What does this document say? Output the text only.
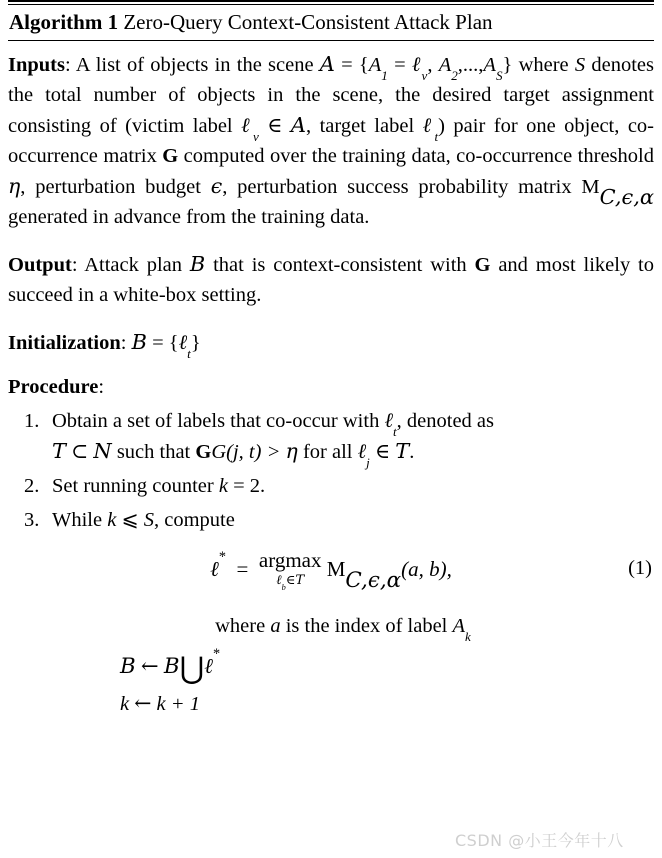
Algorithm 1 Zero-Query Context-Consistent Attack Plan

Inputs: A list of objects in the scene $A = \{A_1$ = ℓ$_v$, $A_2,...,A_S$} where S denotes the total number of objects in the scene, the desired target assignment consisting of (victim label ℓ$_v$ ∈ A, target label ℓ$_t$) pair for one object, co-occurrence matrix G computed over the training data, co-occurrence threshold η, perturbation budget ϵ, perturbation success probability matrix $M_{C,\epsilon,\alpha}$ generated in advance from the training data.

Output: Attack plan B that is context-consistent with G and most likely to succeed in a white-box setting.

Initialization: B = {ℓ$_t$}

Procedure:

1. Obtain a set of labels that co-occur with ℓ$_t$, denoted as
T ⊂ N such that GG(j, t) > η for all ℓ$_j$ ∈ T.
2. Set running counter k = 2.
3. While k ⩽ S, compute
ℓ*  = argmax
ℓ$_b$∈T	$M_{C,\epsilon,\alpha}(a$, b),	(1)
where a is the index of label $A_k$
B ← B⋃ℓ*
k ← k + 1
CSDN @小王今年十八
